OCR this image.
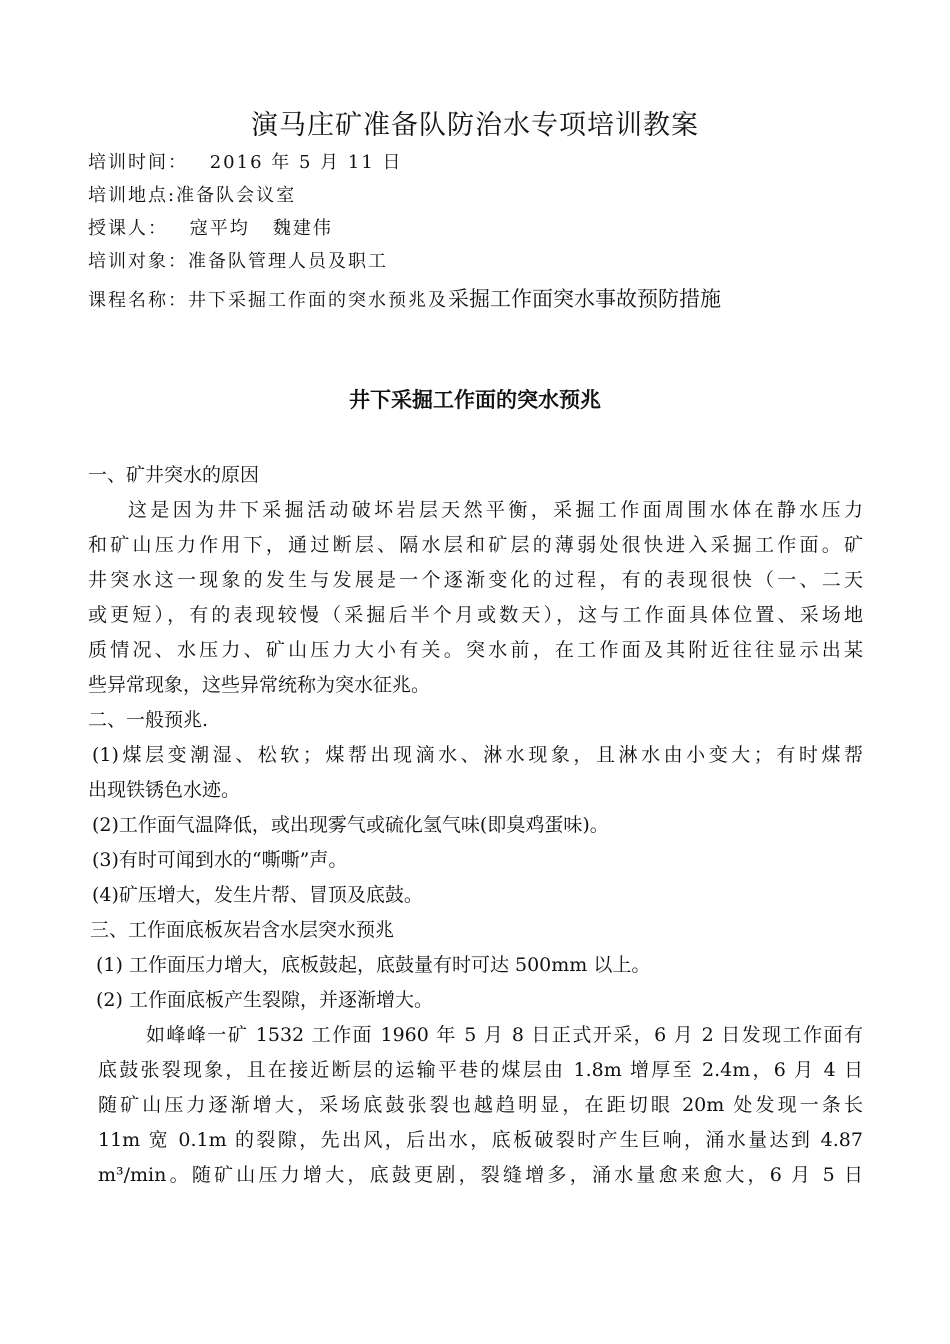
演马庄矿准备队防治水专项培训教案
培训时间： 2016 年 5 月 11 日
培训地点:准备队会议室
授课人： 寇平均   魏建伟
培训对象：准备队管理人员及职工
课程名称：井下采掘工作面的突水预兆及采掘工作面突水事故预防措施
井下采掘工作面的突水预兆
一、矿井突水的原因
这是因为井下采掘活动破坏岩层天然平衡，采掘工作面周围水体在静水压力
和矿山压力作用下，通过断层、隔水层和矿层的薄弱处很快进入采掘工作面。矿
井突水这一现象的发生与发展是一个逐渐变化的过程，有的表现很快（一、二天
或更短），有的表现较慢（采掘后半个月或数天），这与工作面具体位置、采场地
质情况、水压力、矿山压力大小有关。突水前，在工作面及其附近往往显示出某
些异常现象，这些异常统称为突水征兆。
二、一般预兆.
(1)煤层变潮湿、松软；煤帮出现滴水、淋水现象，且淋水由小变大；有时煤帮
出现铁锈色水迹。
(2)工作面气温降低，或出现雾气或硫化氢气味(即臭鸡蛋味)。
(3)有时可闻到水的“嘶嘶”声。
(4)矿压增大，发生片帮、冒顶及底鼓。
三、工作面底板灰岩含水层突水预兆
(1) 工作面压力增大，底板鼓起，底鼓量有时可达 500mm 以上。
(2) 工作面底板产生裂隙，并逐渐增大。
如峰峰一矿 1532 工作面 1960 年 5 月 8 日正式开采，6 月 2 日发现工作面有
底鼓张裂现象，且在接近断层的运输平巷的煤层由 1.8m 增厚至 2.4m，6 月 4 日
随矿山压力逐渐增大，采场底鼓张裂也越趋明显，在距切眼 20m 处发现一条长
11m 宽 0.1m 的裂隙，先出风，后出水，底板破裂时产生巨响，涌水量达到 4.87
m³/min。随矿山压力增大，底鼓更剧，裂缝增多，涌水量愈来愈大，6 月 5 日
